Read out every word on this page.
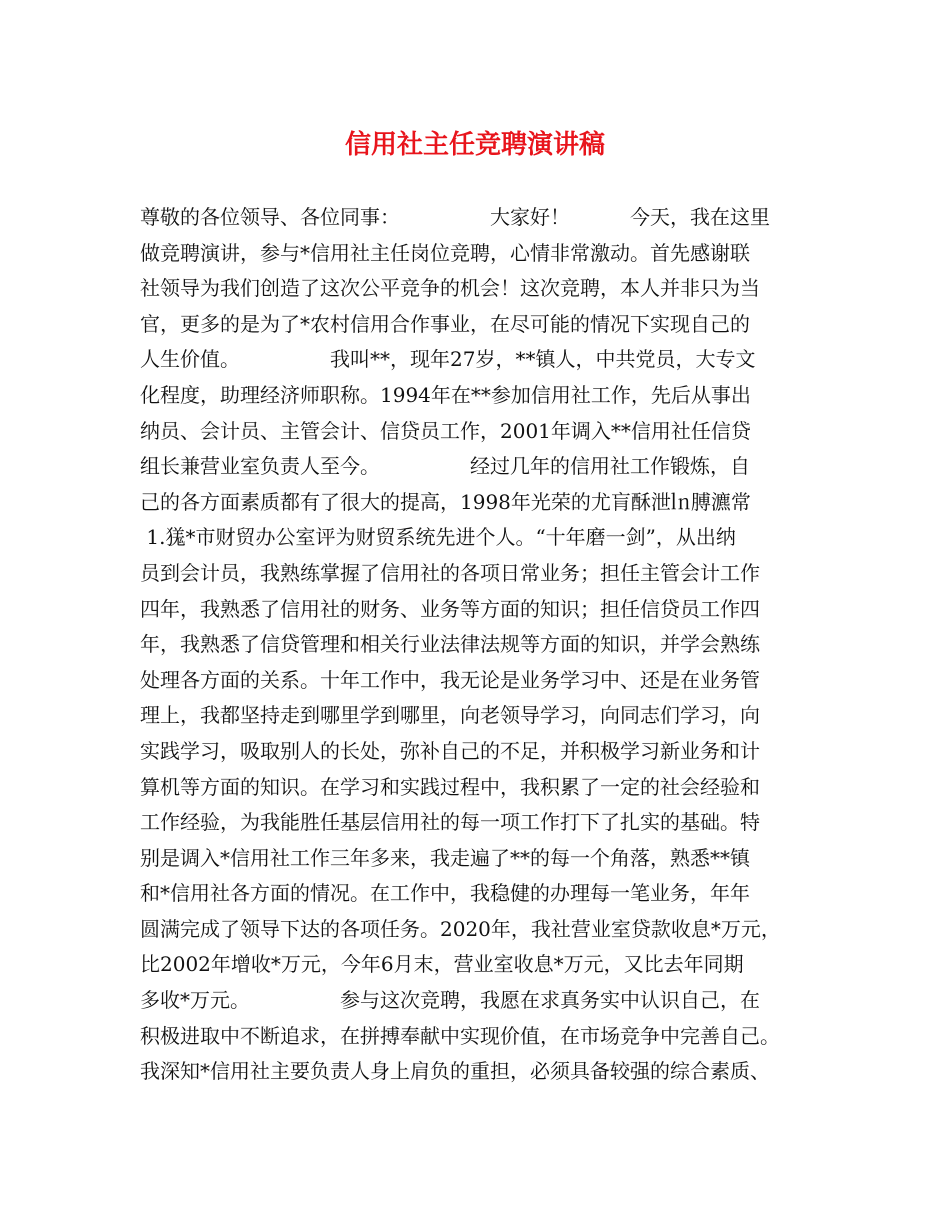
信用社主任竞聘演讲稿
尊敬的各位领导、各位同事：　　　　　大家好！　　　今天，我在这里
做竞聘演讲，参与*信用社主任岗位竞聘，心情非常激动。首先感谢联
社领导为我们创造了这次公平竞争的机会！这次竞聘，本人并非只为当
官，更多的是为了*农村信用合作事业，在尽可能的情况下实现自己的
人生价值。　　　　　我叫**，现年27岁，**镇人，中共党员，大专文
化程度，助理经济师职称。1994年在**参加信用社工作，先后从事出
纳员、会计员、主管会计、信贷员工作，2001年调入**信用社任信贷
组长兼营业室负责人至今。　　　　　经过几年的信用社工作锻炼，自
己的各方面素质都有了很大的提高，1998年光荣的尤肓酥泄㏑膊瀌常
1.獇*市财贸办公室评为财贸系统先进个人。“十年磨一剑”，从出纳
员到会计员，我熟练掌握了信用社的各项日常业务；担任主管会计工作
四年，我熟悉了信用社的财务、业务等方面的知识；担任信贷员工作四
年，我熟悉了信贷管理和相关行业法律法规等方面的知识，并学会熟练
处理各方面的关系。十年工作中，我无论是业务学习中、还是在业务管
理上，我都坚持走到哪里学到哪里，向老领导学习，向同志们学习，向
实践学习，吸取别人的长处，弥补自己的不足，并积极学习新业务和计
算机等方面的知识。在学习和实践过程中，我积累了一定的社会经验和
工作经验，为我能胜任基层信用社的每一项工作打下了扎实的基础。特
别是调入*信用社工作三年多来，我走遍了**的每一个角落，熟悉**镇
和*信用社各方面的情况。在工作中，我稳健的办理每一笔业务，年年
圆满完成了领导下达的各项任务。2020年，我社营业室贷款收息*万元，
比2002年增收*万元，今年6月末，营业室收息*万元，又比去年同期
多收*万元。　　　　　参与这次竞聘，我愿在求真务实中认识自己，在
积极进取中不断追求，在拼搏奉献中实现价值，在市场竞争中完善自己。
我深知*信用社主要负责人身上肩负的重担，必须具备较强的综合素质、
